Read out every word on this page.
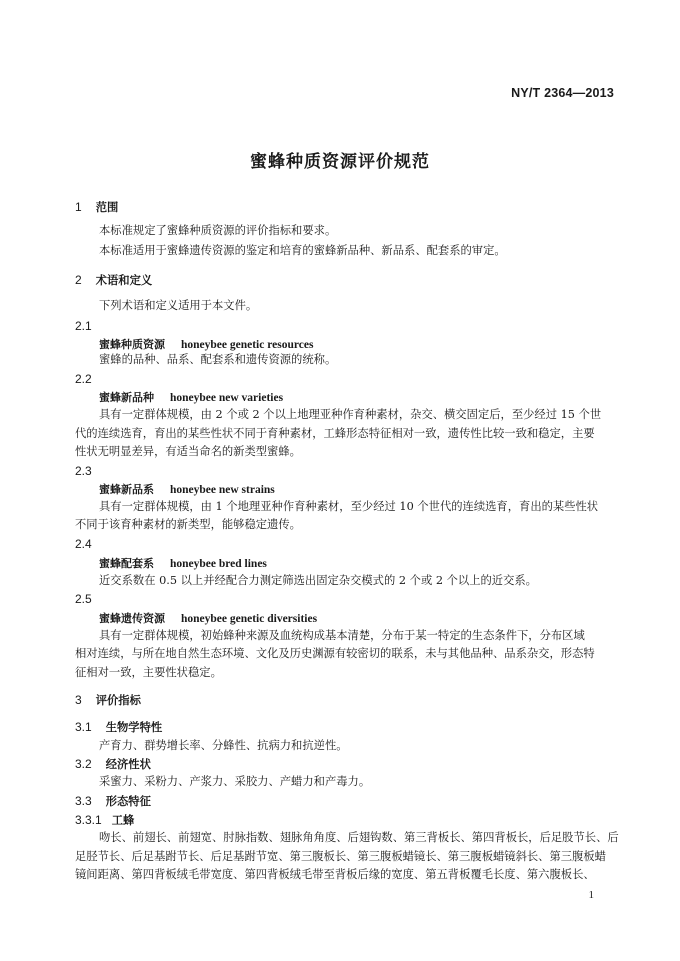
NY/T 2364—2013
蜜蜂种质资源评价规范
1 范围
本标准规定了蜜蜂种质资源的评价指标和要求。
本标准适用于蜜蜂遗传资源的鉴定和培育的蜜蜂新品种、新品系、配套系的审定。
2 术语和定义
下列术语和定义适用于本文件。
2.1
蜜蜂种质资源 honeybee genetic resources
蜜蜂的品种、品系、配套系和遗传资源的统称。
2.2
蜜蜂新品种 honeybee new varieties
具有一定群体规模，由 2 个或 2 个以上地理亚种作育种素材，杂交、横交固定后，至少经过 15 个世
代的连续选育，育出的某些性状不同于育种素材，工蜂形态特征相对一致，遗传性比较一致和稳定，主要
性状无明显差异，有适当命名的新类型蜜蜂。
2.3
蜜蜂新品系 honeybee new strains
具有一定群体规模，由 1 个地理亚种作育种素材，至少经过 10 个世代的连续选育，育出的某些性状
不同于该育种素材的新类型，能够稳定遗传。
2.4
蜜蜂配套系 honeybee bred lines
近交系数在 0.5 以上并经配合力测定筛选出固定杂交模式的 2 个或 2 个以上的近交系。
2.5
蜜蜂遗传资源 honeybee genetic diversities
具有一定群体规模，初始蜂种来源及血统构成基本清楚，分布于某一特定的生态条件下，分布区域
相对连续，与所在地自然生态环境、文化及历史渊源有较密切的联系，未与其他品种、品系杂交，形态特
征相对一致，主要性状稳定。
3 评价指标
3.1 生物学特性
产育力、群势增长率、分蜂性、抗病力和抗逆性。
3.2 经济性状
采蜜力、采粉力、产浆力、采胶力、产蜡力和产毒力。
3.3 形态特征
3.3.1 工蜂
吻长、前翅长、前翅宽、肘脉指数、翅脉角角度、后翅钩数、第三背板长、第四背板长，后足股节长、后
足胫节长、后足基跗节长、后足基跗节宽、第三腹板长、第三腹板蜡镜长、第三腹板蜡镜斜长、第三腹板蜡
镜间距离、第四背板绒毛带宽度、第四背板绒毛带至背板后缘的宽度、第五背板覆毛长度、第六腹板长、
1
